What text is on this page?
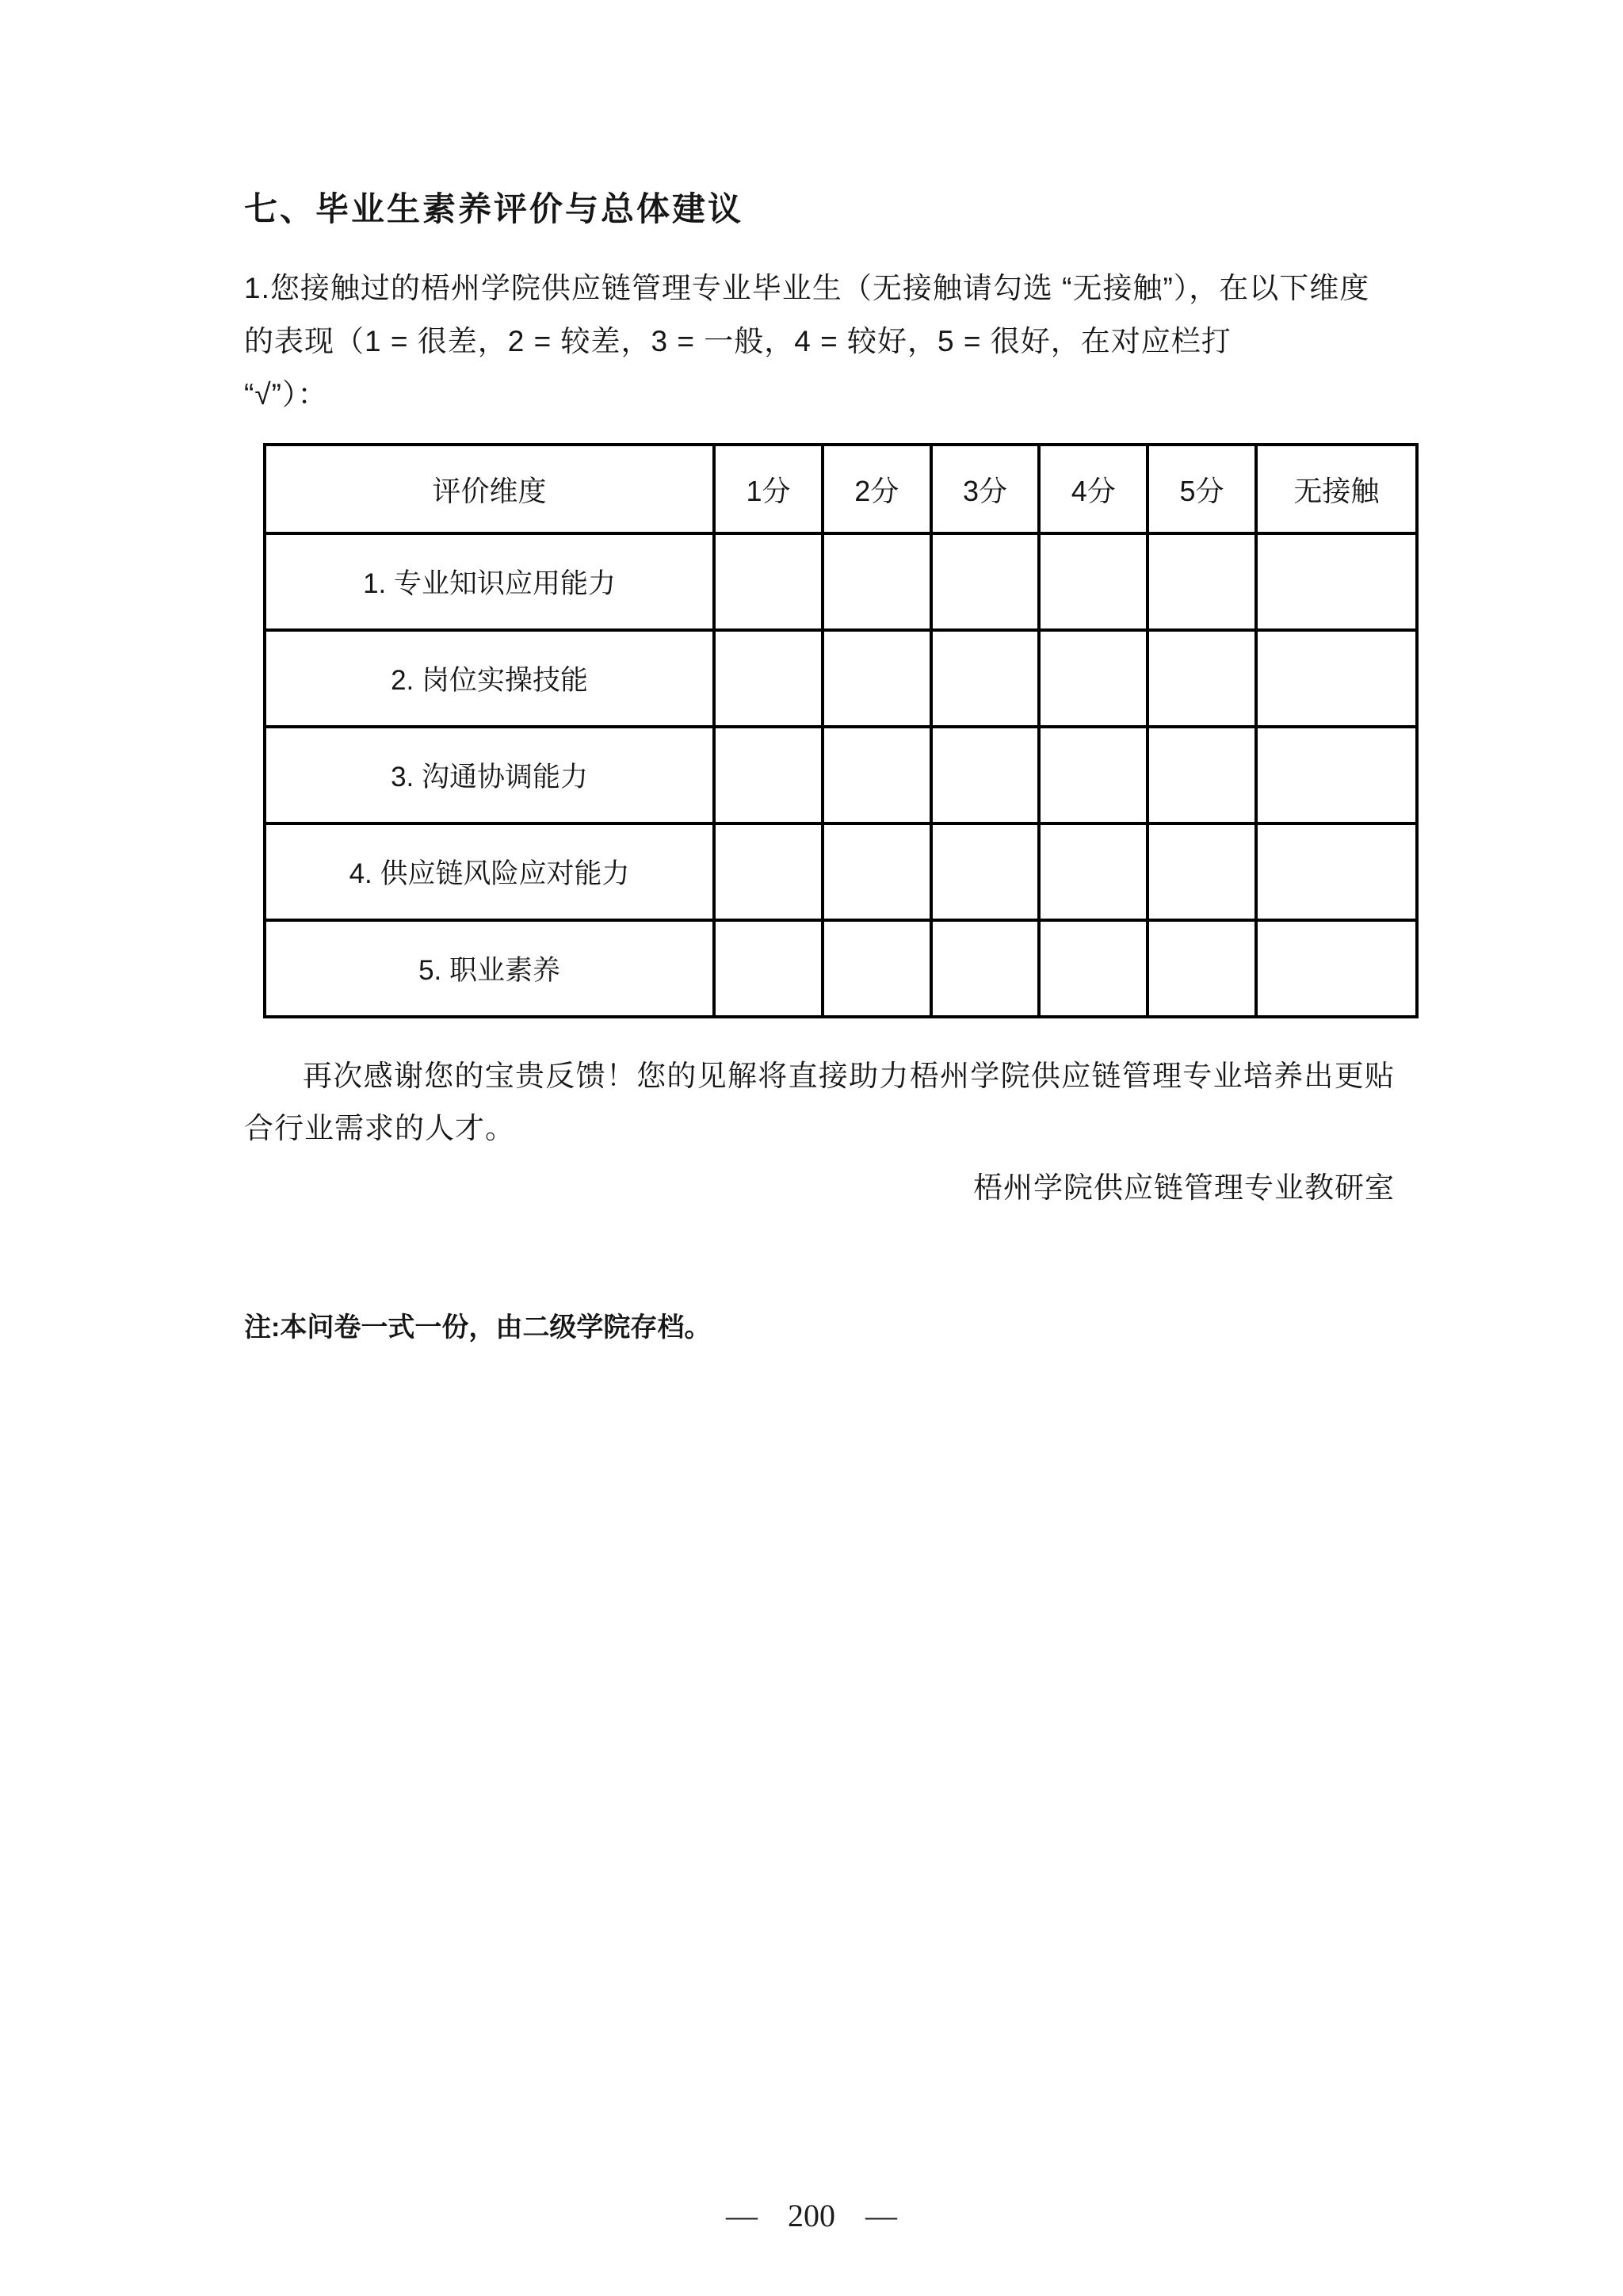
七、毕业生素养评价与总体建议
1.您接触过的梧州学院供应链管理专业毕业生（无接触请勾选 “无接触”），在以下维度
的表现（1 = 很差，2 = 较差，3 = 一般，4 = 较好，5 = 很好，在对应栏打
“√”）：
评价维度	1分	2分	3分	4分	5分	无接触
1. 专业知识应用能力						
2. 岗位实操技能						
3. 沟通协调能力						
4. 供应链风险应对能力						
5. 职业素养						

再次感谢您的宝贵反馈！您的见解将直接助力梧州学院供应链管理专业培养出更贴合行业需求的人才。

梧州学院供应链管理专业教研室

注:本问卷一式一份，由二级学院存档。

— 200 —
